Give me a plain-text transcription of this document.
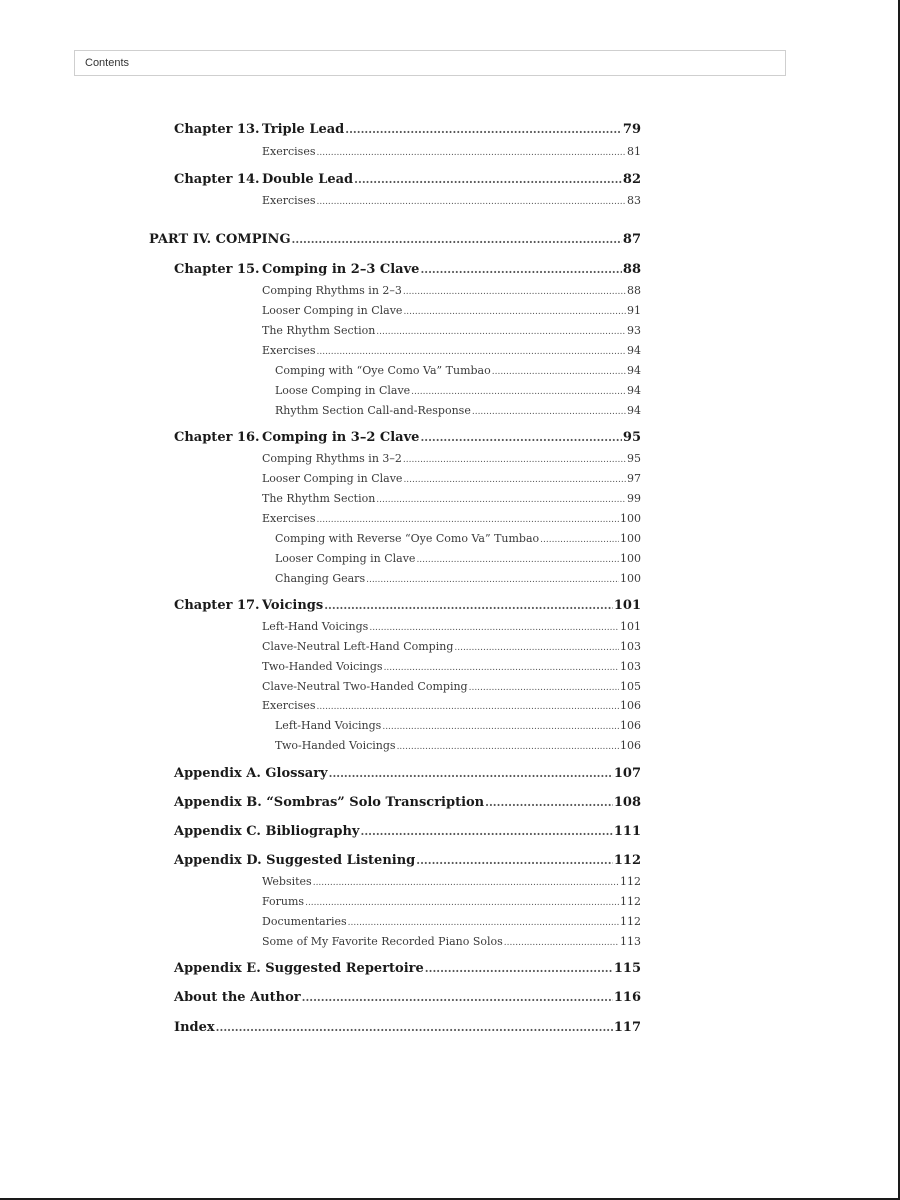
Contents
Chapter 13. Triple Lead .....	79
Exercises .....	81
Chapter 14. Double Lead .....	82
Exercises .....	83
PART IV. COMPING .....	87
Chapter 15. Comping in 2–3 Clave .....	88
Comping Rhythms in 2–3 .....	88
Looser Comping in Clave .....	91
The Rhythm Section .....	93
Exercises .....	94
Comping with “Oye Como Va” Tumbao .....	94
Loose Comping in Clave .....	94
Rhythm Section Call-and-Response .....	94
Chapter 16. Comping in 3–2 Clave .....	95
Comping Rhythms in 3–2 .....	95
Looser Comping in Clave .....	97
The Rhythm Section .....	99
Exercises .....	100
Comping with Reverse “Oye Como Va” Tumbao .....	100
Looser Comping in Clave .....	100
Changing Gears .....	100
Chapter 17. Voicings .....	101
Left-Hand Voicings .....	101
Clave-Neutral Left-Hand Comping .....	103
Two-Handed Voicings .....	103
Clave-Neutral Two-Handed Comping .....	105
Exercises .....	106
Left-Hand Voicings .....	106
Two-Handed Voicings .....	106
Appendix A. Glossary .....	107
Appendix B. “Sombras” Solo Transcription .....	108
Appendix C. Bibliography .....	111
Appendix D. Suggested Listening .....	112
Websites .....	112
Forums .....	112
Documentaries .....	112
Some of My Favorite Recorded Piano Solos .....	113
Appendix E. Suggested Repertoire .....	115
About the Author .....	116
Index .....	117
